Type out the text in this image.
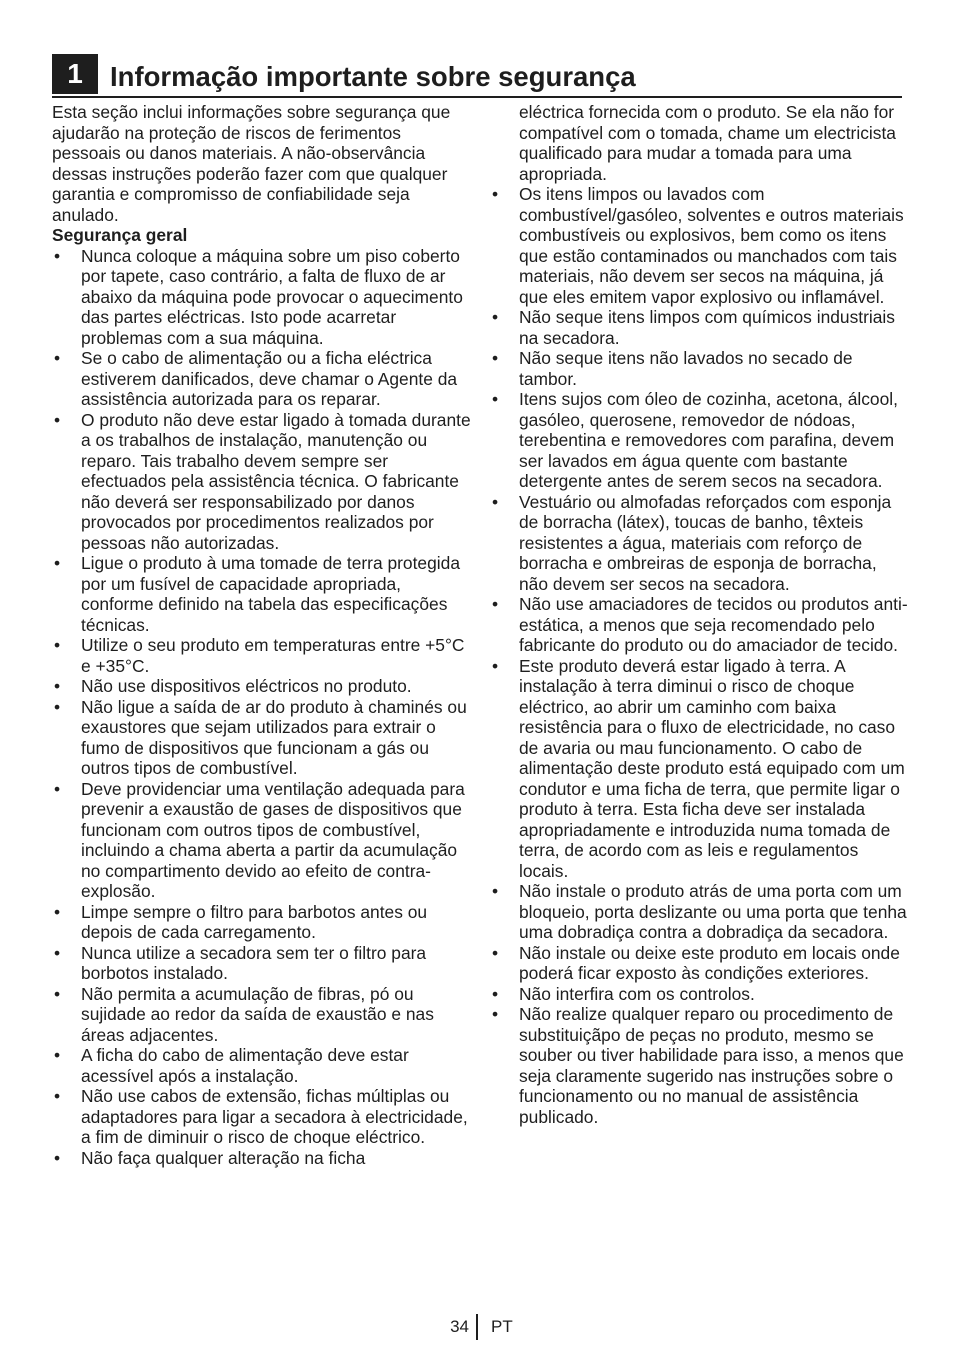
1 Informação importante sobre segurança

Esta seção inclui informações sobre segurança que ajudarão na proteção de riscos de ferimentos pessoais ou danos materiais. A não-observância dessas instruções poderão fazer com que qualquer garantia e compromisso de confiabilidade seja anulado.

Segurança geral

• Nunca coloque a máquina sobre um piso coberto por tapete, caso contrário, a falta de fluxo de ar abaixo da máquina pode provocar o aquecimento das partes eléctricas. Isto pode acarretar problemas com a sua máquina.
• Se o cabo de alimentação ou a ficha eléctrica estiverem danificados, deve chamar o Agente da assistência autorizada para os reparar.
• O produto não deve estar ligado à tomada durante a os trabalhos de instalação, manutenção ou reparo. Tais trabalho devem sempre ser efectuados pela assistência técnica. O fabricante não deverá ser responsabilizado por danos provocados por procedimentos realizados por pessoas não autorizadas.
• Ligue o produto à uma tomade de terra protegida por um fusível de capacidade apropriada, conforme definido na tabela das especificações técnicas.
• Utilize o seu produto em temperaturas entre +5°C e +35°C.
• Não use dispositivos eléctricos no produto.
• Não ligue a saída de ar do produto à chaminés ou exaustores que sejam utilizados para extrair o fumo de dispositivos que funcionam a gás ou outros tipos de combustível.
• Deve providenciar uma ventilação adequada para prevenir a exaustão de gases de dispositivos que funcionam com outros tipos de combustível, incluindo a chama aberta a partir da acumulação no compartimento devido ao efeito de contra-explosão.
• Limpe sempre o filtro para barbotos antes ou depois de cada carregamento.
• Nunca utilize a secadora sem ter o filtro para borbotos instalado.
• Não permita a acumulação de fibras, pó ou sujidade ao redor da saída de exaustão e nas áreas adjacentes.
• A ficha do cabo de alimentação deve estar acessível após a instalação.
• Não use cabos de extensão, fichas múltiplas ou adaptadores para ligar a secadora à electricidade, a fim de diminuir o risco de choque eléctrico.
• Não faça qualquer alteração na ficha

eléctrica fornecida com o produto. Se ela não for compatível com o tomada, chame um electricista qualificado para mudar a tomada para uma apropriada.

• Os itens limpos ou lavados com combustível/gasóleo, solventes e outros materiais combustíveis ou explosivos, bem como os itens que estão contaminados ou manchados com tais materiais, não devem ser secos na máquina, já que eles emitem vapor explosivo ou inflamável.
• Não seque itens limpos com químicos industriais na secadora.
• Não seque itens não lavados no secado de tambor.
• Itens sujos com óleo de cozinha, acetona, álcool, gasóleo, querosene, removedor de nódoas, terebentina e removedores com parafina, devem ser lavados em água quente com bastante detergente antes de serem secos na secadora.
• Vestuário ou almofadas reforçados com esponja de borracha (látex), toucas de banho, têxteis resistentes a água, materiais com reforço de borracha e ombreiras de esponja de borracha, não devem ser secos na secadora.
• Não use amaciadores de tecidos ou produtos anti-estática, a menos que seja recomendado pelo fabricante do produto ou do amaciador de tecido.
• Este produto deverá estar ligado à terra. A instalação à terra diminui o risco de choque eléctrico, ao abrir um caminho com baixa resistência para o fluxo de electricidade, no caso de avaria ou mau funcionamento. O cabo de alimentação deste produto está equipado com um condutor e uma ficha de terra, que permite ligar o produto à terra. Esta ficha deve ser instalada apropriadamente e introduzida numa tomada de terra, de acordo com as leis e regulamentos locais.
• Não instale o produto atrás de uma porta com um bloqueio, porta deslizante ou uma porta que tenha uma dobradiça contra a dobradiça da secadora.
• Não instale ou deixe este produto em locais onde poderá ficar exposto às condições exteriores.
• Não interfira com os controlos.
• Não realize qualquer reparo ou procedimento de substituiçãpo de peças no produto, mesmo se souber ou tiver habilidade para isso, a menos que seja claramente sugerido nas instruções sobre o funcionamento ou no manual de assistência publicado.
34 PT
